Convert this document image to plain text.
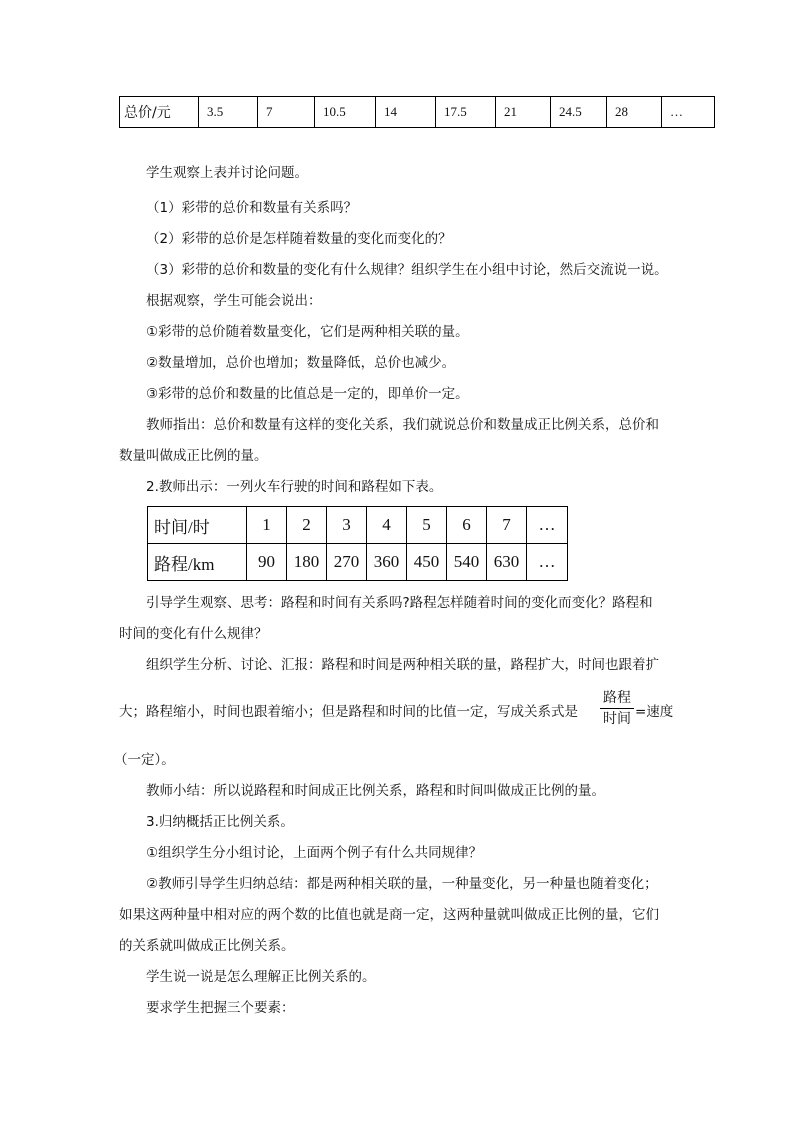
总价/元	3.5	7	10.5	14	17.5	21	24.5	28	…
学生观察上表并讨论问题。
（1）彩带的总价和数量有关系吗？
（2）彩带的总价是怎样随着数量的变化而变化的？
（3）彩带的总价和数量的变化有什么规律？组织学生在小组中讨论，然后交流说一说。
根据观察，学生可能会说出：
①彩带的总价随着数量变化，它们是两种相关联的量。
②数量增加，总价也增加；数量降低，总价也减少。
③彩带的总价和数量的比值总是一定的，即单价一定。
教师指出：总价和数量有这样的变化关系，我们就说总价和数量成正比例关系，总价和
数量叫做成正比例的量。
2.教师出示：一列火车行驶的时间和路程如下表。
时间/时	1	2	3	4	5	6	7	…
路程/km	90	180	270	360	450	540	630	…
引导学生观察、思考：路程和时间有关系吗?路程怎样随着时间的变化而变化？路程和
时间的变化有什么规律？
组织学生分析、讨论、汇报：路程和时间是两种相关联的量，路程扩大，时间也跟着扩
大；路程缩小，时间也跟着缩小；但是路程和时间的比值一定，写成关系式是
路程
时间 =速度
（一定）。
教师小结：所以说路程和时间成正比例关系，路程和时间叫做成正比例的量。
3.归纳概括正比例关系。
①组织学生分小组讨论，上面两个例子有什么共同规律？
②教师引导学生归纳总结：都是两种相关联的量，一种量变化，另一种量也随着变化；
如果这两种量中相对应的两个数的比值也就是商一定，这两种量就叫做成正比例的量，它们
的关系就叫做成正比例关系。
学生说一说是怎么理解正比例关系的。
要求学生把握三个要素：
